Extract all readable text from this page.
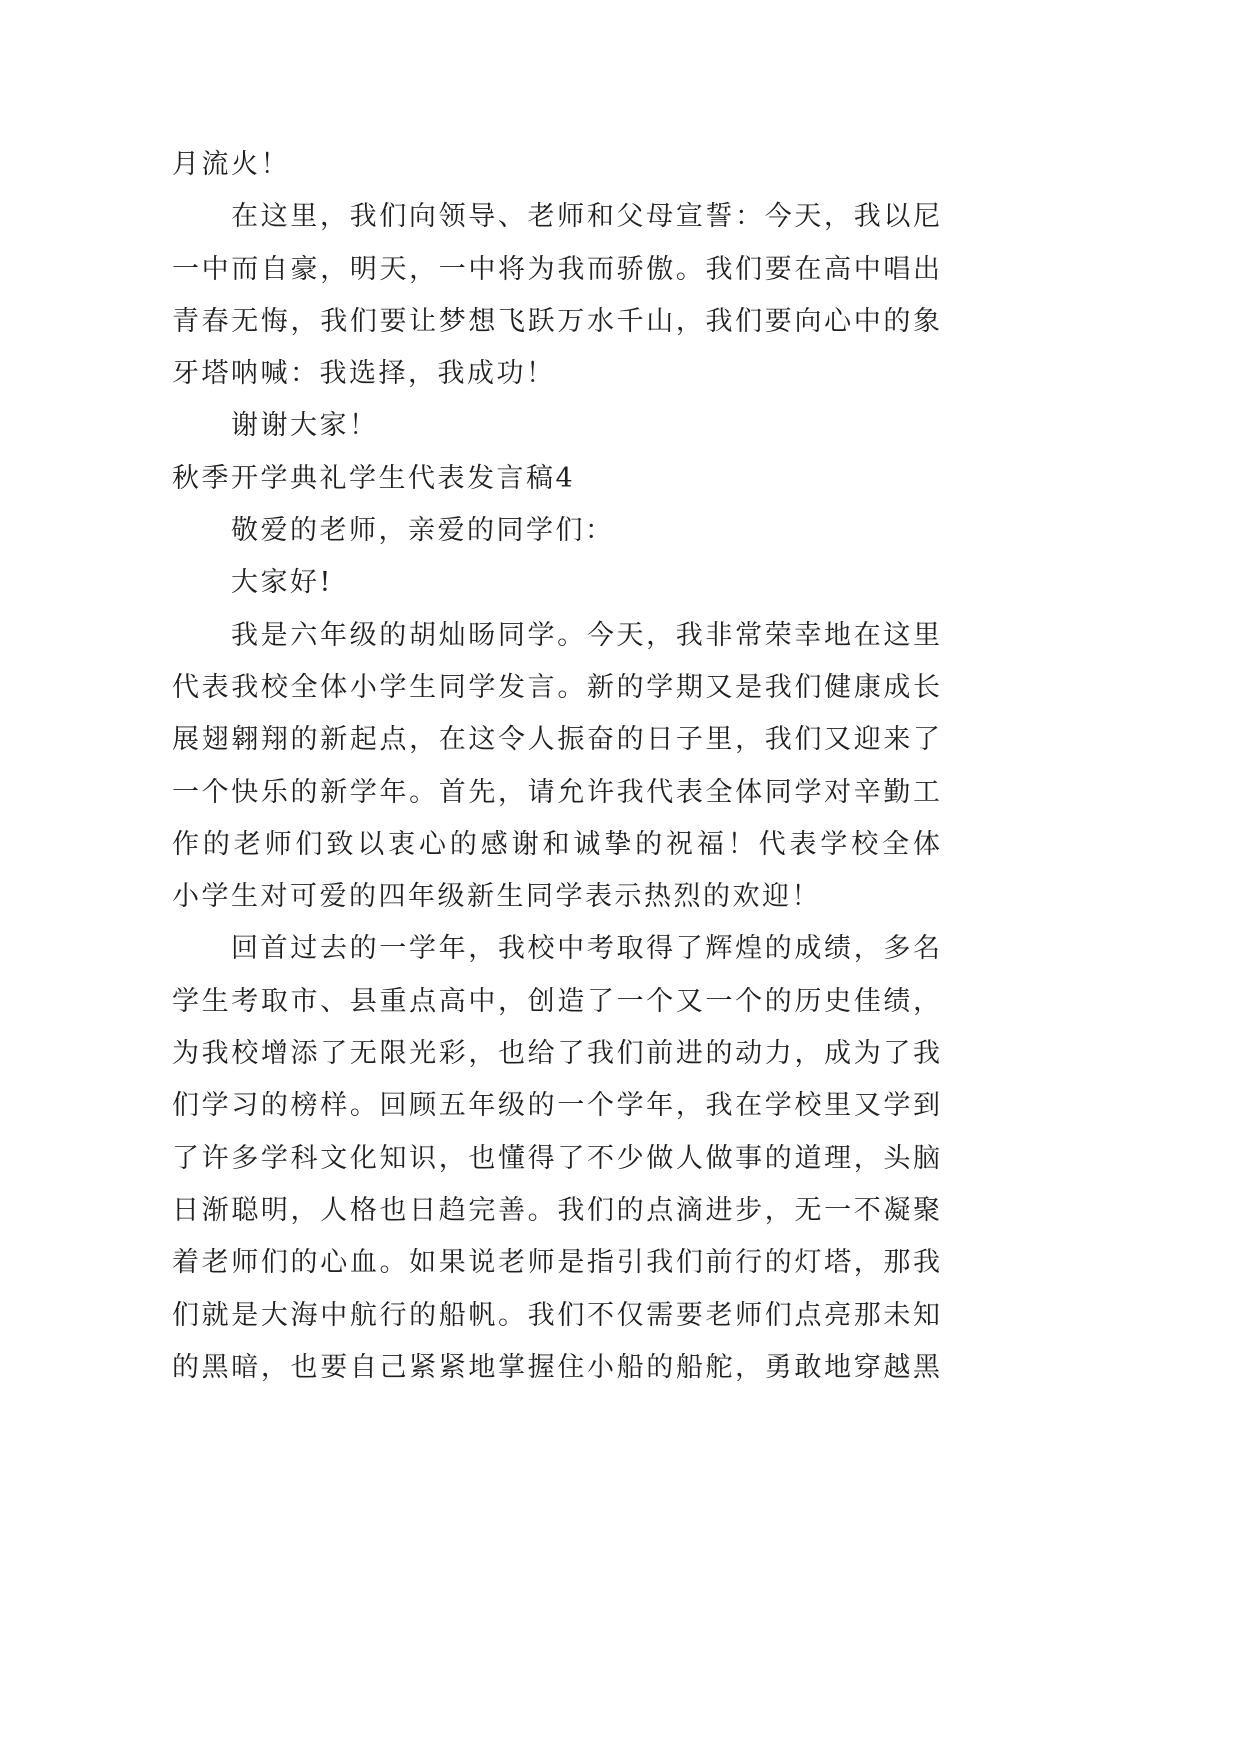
月流火！
在这里，我们向领导、老师和父母宣誓：今天，我以尼
一中而自豪，明天，一中将为我而骄傲。我们要在高中唱出
青春无悔，我们要让梦想飞跃万水千山，我们要向心中的象
牙塔呐喊：我选择，我成功！
谢谢大家！
秋季开学典礼学生代表发言稿4
敬爱的老师，亲爱的同学们：
大家好!
我是六年级的胡灿旸同学。今天，我非常荣幸地在这里
代表我校全体小学生同学发言。新的学期又是我们健康成长
展翅翱翔的新起点，在这令人振奋的日子里，我们又迎来了
一个快乐的新学年。首先，请允许我代表全体同学对辛勤工
作的老师们致以衷心的感谢和诚挚的祝福！代表学校全体
小学生对可爱的四年级新生同学表示热烈的欢迎！
回首过去的一学年，我校中考取得了辉煌的成绩，多名
学生考取市、县重点高中，创造了一个又一个的历史佳绩，
为我校增添了无限光彩，也给了我们前进的动力，成为了我
们学习的榜样。回顾五年级的一个学年，我在学校里又学到
了许多学科文化知识，也懂得了不少做人做事的道理，头脑
日渐聪明，人格也日趋完善。我们的点滴进步，无一不凝聚
着老师们的心血。如果说老师是指引我们前行的灯塔，那我
们就是大海中航行的船帆。我们不仅需要老师们点亮那未知
的黑暗，也要自己紧紧地掌握住小船的船舵，勇敢地穿越黑
